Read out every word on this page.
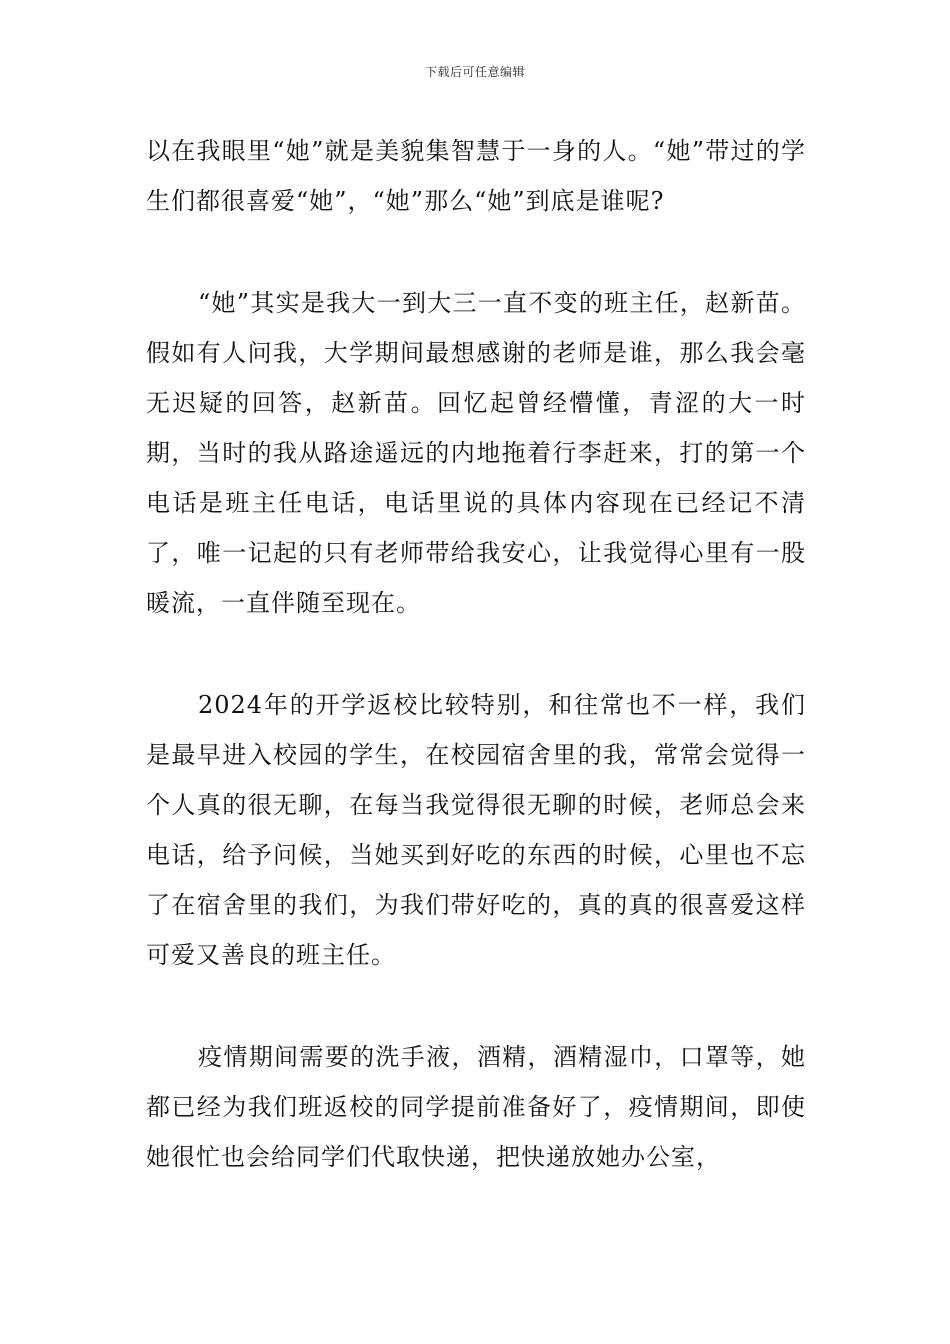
下载后可任意编辑

以在我眼里“她”就是美貌集智慧于一身的人。“她”带过的学生们都很喜爱“她”，“她”那么“她”到底是谁呢?

“她”其实是我大一到大三一直不变的班主任，赵新苗。假如有人问我，大学期间最想感谢的老师是谁，那么我会毫无迟疑的回答，赵新苗。回忆起曾经懵懂，青涩的大一时期，当时的我从路途遥远的内地拖着行李赶来，打的第一个电话是班主任电话，电话里说的具体内容现在已经记不清了，唯一记起的只有老师带给我安心，让我觉得心里有一股暖流，一直伴随至现在。

2024年的开学返校比较特别，和往常也不一样，我们是最早进入校园的学生，在校园宿舍里的我，常常会觉得一个人真的很无聊，在每当我觉得很无聊的时候，老师总会来电话，给予问候，当她买到好吃的东西的时候，心里也不忘了在宿舍里的我们，为我们带好吃的，真的真的很喜爱这样可爱又善良的班主任。

疫情期间需要的洗手液，酒精，酒精湿巾，口罩等，她都已经为我们班返校的同学提前准备好了，疫情期间，即使她很忙也会给同学们代取快递，把快递放她办公室，
